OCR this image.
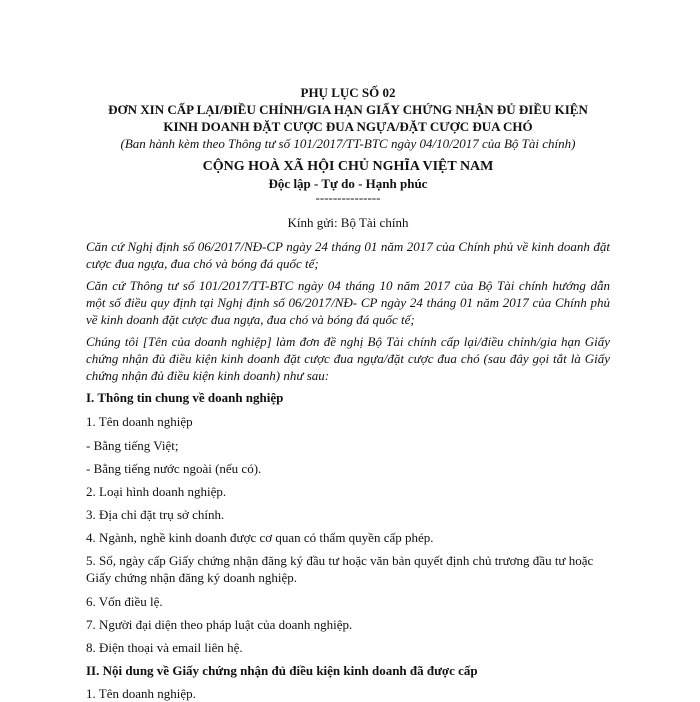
PHỤ LỤC SỐ 02
ĐƠN XIN CẤP LẠI/ĐIỀU CHỈNH/GIA HẠN GIẤY CHỨNG NHẬN ĐỦ ĐIỀU KIỆN
KINH DOANH ĐẶT CƯỢC ĐUA NGỰA/ĐẶT CƯỢC ĐUA CHÓ
(Ban hành kèm theo Thông tư số 101/2017/TT-BTC ngày 04/10/2017 của Bộ Tài chính)
CỘNG HOÀ XÃ HỘI CHỦ NGHĨA VIỆT NAM
Độc lập - Tự do - Hạnh phúc
---------------
Kính gửi: Bộ Tài chính
Căn cứ Nghị định số 06/2017/NĐ-CP ngày 24 tháng 01 năm 2017 của Chính phủ về kinh doanh đặt cược đua ngựa, đua chó và bóng đá quốc tế;
Căn cứ Thông tư số 101/2017/TT-BTC ngày 04 tháng 10 năm 2017 của Bộ Tài chính hướng dẫn một số điều quy định tại Nghị định số 06/2017/NĐ- CP ngày 24 tháng 01 năm 2017 của Chính phủ về kinh doanh đặt cược đua ngựa, đua chó và bóng đá quốc tế;
Chúng tôi [Tên của doanh nghiệp] làm đơn đề nghị Bộ Tài chính cấp lại/điều chỉnh/gia hạn Giấy chứng nhận đủ điều kiện kinh doanh đặt cược đua ngựa/đặt cược đua chó (sau đây gọi tắt là Giấy chứng nhận đủ điều kiện kinh doanh) như sau:
I. Thông tin chung về doanh nghiệp
1. Tên doanh nghiệp
- Bằng tiếng Việt;
- Bằng tiếng nước ngoài (nếu có).
2. Loại hình doanh nghiệp.
3. Địa chỉ đặt trụ sở chính.
4. Ngành, nghề kinh doanh được cơ quan có thẩm quyền cấp phép.
5. Số, ngày cấp Giấy chứng nhận đăng ký đầu tư hoặc văn bản quyết định chủ trương đầu tư hoặc Giấy chứng nhận đăng ký doanh nghiệp.
6. Vốn điều lệ.
7. Người đại diện theo pháp luật của doanh nghiệp.
8. Điện thoại và email liên hệ.
II. Nội dung về Giấy chứng nhận đủ điều kiện kinh doanh đã được cấp
1. Tên doanh nghiệp.
